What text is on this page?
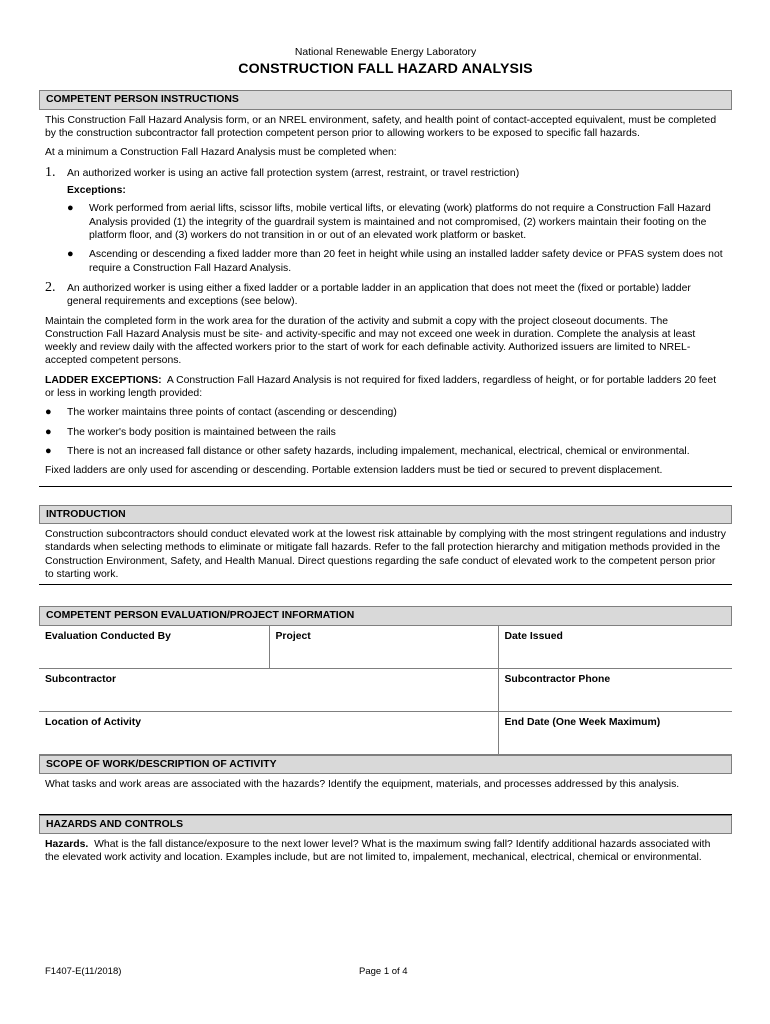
National Renewable Energy Laboratory
CONSTRUCTION FALL HAZARD ANALYSIS
COMPETENT PERSON INSTRUCTIONS

This Construction Fall Hazard Analysis form, or an NREL environment, safety, and health point of contact-accepted equivalent, must be completed by the construction subcontractor fall protection competent person prior to allowing workers to be exposed to specific fall hazards.

At a minimum a Construction Fall Hazard Analysis must be completed when:

1.	An authorized worker is using an active fall protection system (arrest, restraint, or travel restriction)
Exceptions:
●	Work performed from aerial lifts, scissor lifts, mobile vertical lifts, or elevating (work) platforms do not require a Construction Fall Hazard Analysis provided (1) the integrity of the guardrail system is maintained and not compromised, (2) workers maintain their footing on the platform floor, and (3) workers do not transition in or out of an elevated work platform or basket.
●	Ascending or descending a fixed ladder more than 20 feet in height while using an installed ladder safety device or PFAS system does not require a Construction Fall Hazard Analysis.
2.	An authorized worker is using either a fixed ladder or a portable ladder in an application that does not meet the (fixed or portable) ladder general requirements and exceptions (see below).

Maintain the completed form in the work area for the duration of the activity and submit a copy with the project closeout documents. The Construction Fall Hazard Analysis must be site- and activity-specific and may not exceed one week in duration. Complete the analysis at least weekly and review daily with the affected workers prior to the start of work for each definable activity. Authorized issuers are limited to NREL-accepted competent persons.

LADDER EXCEPTIONS: A Construction Fall Hazard Analysis is not required for fixed ladders, regardless of height, or for portable ladders 20 feet or less in working length provided:

●	The worker maintains three points of contact (ascending or descending)
●	The worker's body position is maintained between the rails
●	There is not an increased fall distance or other safety hazards, including impalement, mechanical, electrical, chemical or environmental.

Fixed ladders are only used for ascending or descending. Portable extension ladders must be tied or secured to prevent displacement.

INTRODUCTION

Construction subcontractors should conduct elevated work at the lowest risk attainable by complying with the most stringent regulations and industry standards when selecting methods to eliminate or mitigate fall hazards. Refer to the fall protection hierarchy and mitigation methods provided in the Construction Environment, Safety, and Health Manual. Direct questions regarding the safe conduct of elevated work to the competent person prior to starting work.

COMPETENT PERSON EVALUATION/PROJECT INFORMATION
Evaluation Conducted By	Project	Date Issued
Subcontractor		Subcontractor Phone
Location of Activity		End Date (One Week Maximum)
SCOPE OF WORK/DESCRIPTION OF ACTIVITY

What tasks and work areas are associated with the hazards? Identify the equipment, materials, and processes addressed by this analysis.

HAZARDS AND CONTROLS

Hazards. What is the fall distance/exposure to the next lower level? What is the maximum swing fall? Identify additional hazards associated with the elevated work activity and location. Examples include, but are not limited to, impalement, mechanical, electrical, chemical or environmental.

F1407-E(11/2018)	Page 1 of 4
